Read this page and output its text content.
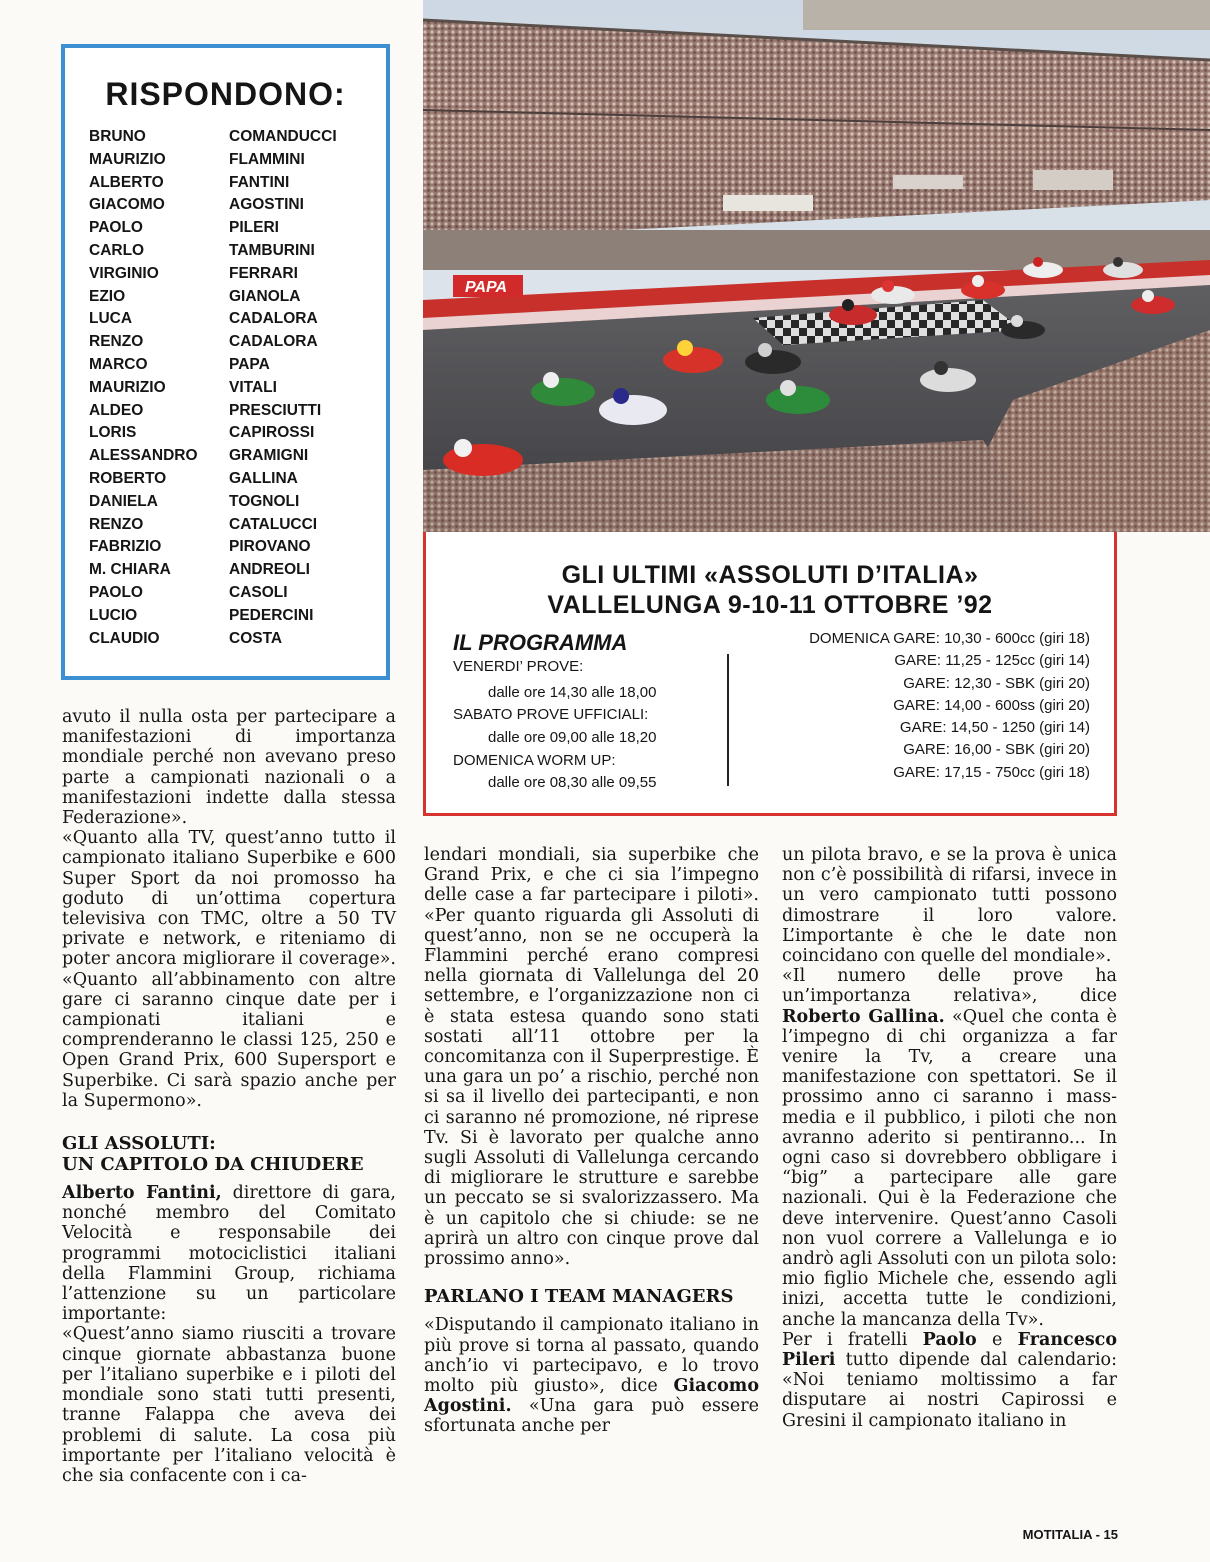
RISPONDONO:
BRUNO	COMANDUCCI
MAURIZIO	FLAMMINI
ALBERTO	FANTINI
GIACOMO	AGOSTINI
PAOLO	PILERI
CARLO	TAMBURINI
VIRGINIO	FERRARI
EZIO	GIANOLA
LUCA	CADALORA
RENZO	CADALORA
MARCO	PAPA
MAURIZIO	VITALI
ALDEO	PRESCIUTTI
LORIS	CAPIROSSI
ALESSANDRO	GRAMIGNI
ROBERTO	GALLINA
DANIELA	TOGNOLI
RENZO	CATALUCCI
FABRIZIO	PIROVANO
M. CHIARA	ANDREOLI
PAOLO	CASOLI
LUCIO	PEDERCINI
CLAUDIO	COSTA
PAPA
GLI ULTIMI «ASSOLUTI D’ITALIA»
VALLELUNGA 9-10-11 OTTOBRE ’92
IL PROGRAMMA
VENERDI’ PROVE:
dalle ore 14,30 alle 18,00
SABATO PROVE UFFICIALI:
dalle ore 09,00 alle 18,20
DOMENICA WORM UP:
dalle ore 08,30 alle 09,55
DOMENICA GARE: 10,30 - 600cc (giri 18)
GARE: 11,25 - 125cc (giri 14)
GARE: 12,30 - SBK (giri 20)
GARE: 14,00 - 600ss (giri 20)
GARE: 14,50 - 1250 (giri 14)
GARE: 16,00 - SBK (giri 20)
GARE: 17,15 - 750cc (giri 18)

avuto il nulla osta per partecipare a manifestazioni di importanza mondiale perché non avevano preso parte a campionati nazionali o a manifestazioni indette dalla stessa Federazione».

«Quanto alla TV, quest’anno tutto il campionato italiano Superbike e 600 Super Sport da noi promosso ha goduto di un’ottima copertura televisiva con TMC, oltre a 50 TV private e network, e riteniamo di poter ancora migliorare il coverage». «Quanto all’abbinamento con altre gare ci saranno cinque date per i campionati italiani e comprenderanno le classi 125, 250 e Open Grand Prix, 600 Supersport e Superbike. Ci sarà spazio anche per la Supermono».

GLI ASSOLUTI:

UN CAPITOLO DA CHIUDERE

Alberto Fantini, direttore di gara, nonché membro del Comitato Velocità e responsabile dei programmi motociclistici italiani della Flammini Group, richiama l’attenzione su un particolare importante:

«Quest’anno siamo riusciti a trovare cinque giornate abbastanza buone per l’italiano superbike e i piloti del mondiale sono stati tutti presenti, tranne Falappa che aveva dei problemi di salute. La cosa più importante per l’italiano velocità è che sia confacente con i ca-

lendari mondiali, sia superbike che Grand Prix, e che ci sia l’impegno delle case a far partecipare i piloti». «Per quanto riguarda gli Assoluti di quest’anno, non se ne occuperà la Flammini perché erano compresi nella giornata di Vallelunga del 20 settembre, e l’organizzazione non ci è stata estesa quando sono stati sostati all’11 ottobre per la concomitanza con il Superprestige. È una gara un po’ a rischio, perché non si sa il livello dei partecipanti, e non ci saranno né promozione, né riprese Tv. Si è lavorato per qualche anno sugli Assoluti di Vallelunga cercando di migliorare le strutture e sarebbe un peccato se si svalorizzassero. Ma è un capitolo che si chiude: se ne aprirà un altro con cinque prove dal prossimo anno».

PARLANO I TEAM MANAGERS

«Disputando il campionato italiano in più prove si torna al passato, quando anch’io vi partecipavo, e lo trovo molto più giusto», dice Giacomo Agostini. «Una gara può essere sfortunata anche per

un pilota bravo, e se la prova è unica non c’è possibilità di rifarsi, invece in un vero campionato tutti possono dimostrare il loro valore. L’importante è che le date non coincidano con quelle del mondiale».

«Il numero delle prove ha un’importanza relativa», dice Roberto Gallina. «Quel che conta è l’impegno di chi organizza a far venire la Tv, a creare una manifestazione con spettatori. Se il prossimo anno ci saranno i mass-media e il pubblico, i piloti che non avranno aderito si pentiranno... In ogni caso si dovrebbero obbligare i “big” a partecipare alle gare nazionali. Qui è la Federazione che deve intervenire. Quest’anno Casoli non vuol correre a Vallelunga e io andrò agli Assoluti con un pilota solo: mio figlio Michele che, essendo agli inizi, accetta tutte le condizioni, anche la mancanza della Tv».

Per i fratelli Paolo e Francesco Pileri tutto dipende dal calendario: «Noi teniamo moltissimo a far disputare ai nostri Capirossi e Gresini il campionato italiano in

MOTITALIA - 15
